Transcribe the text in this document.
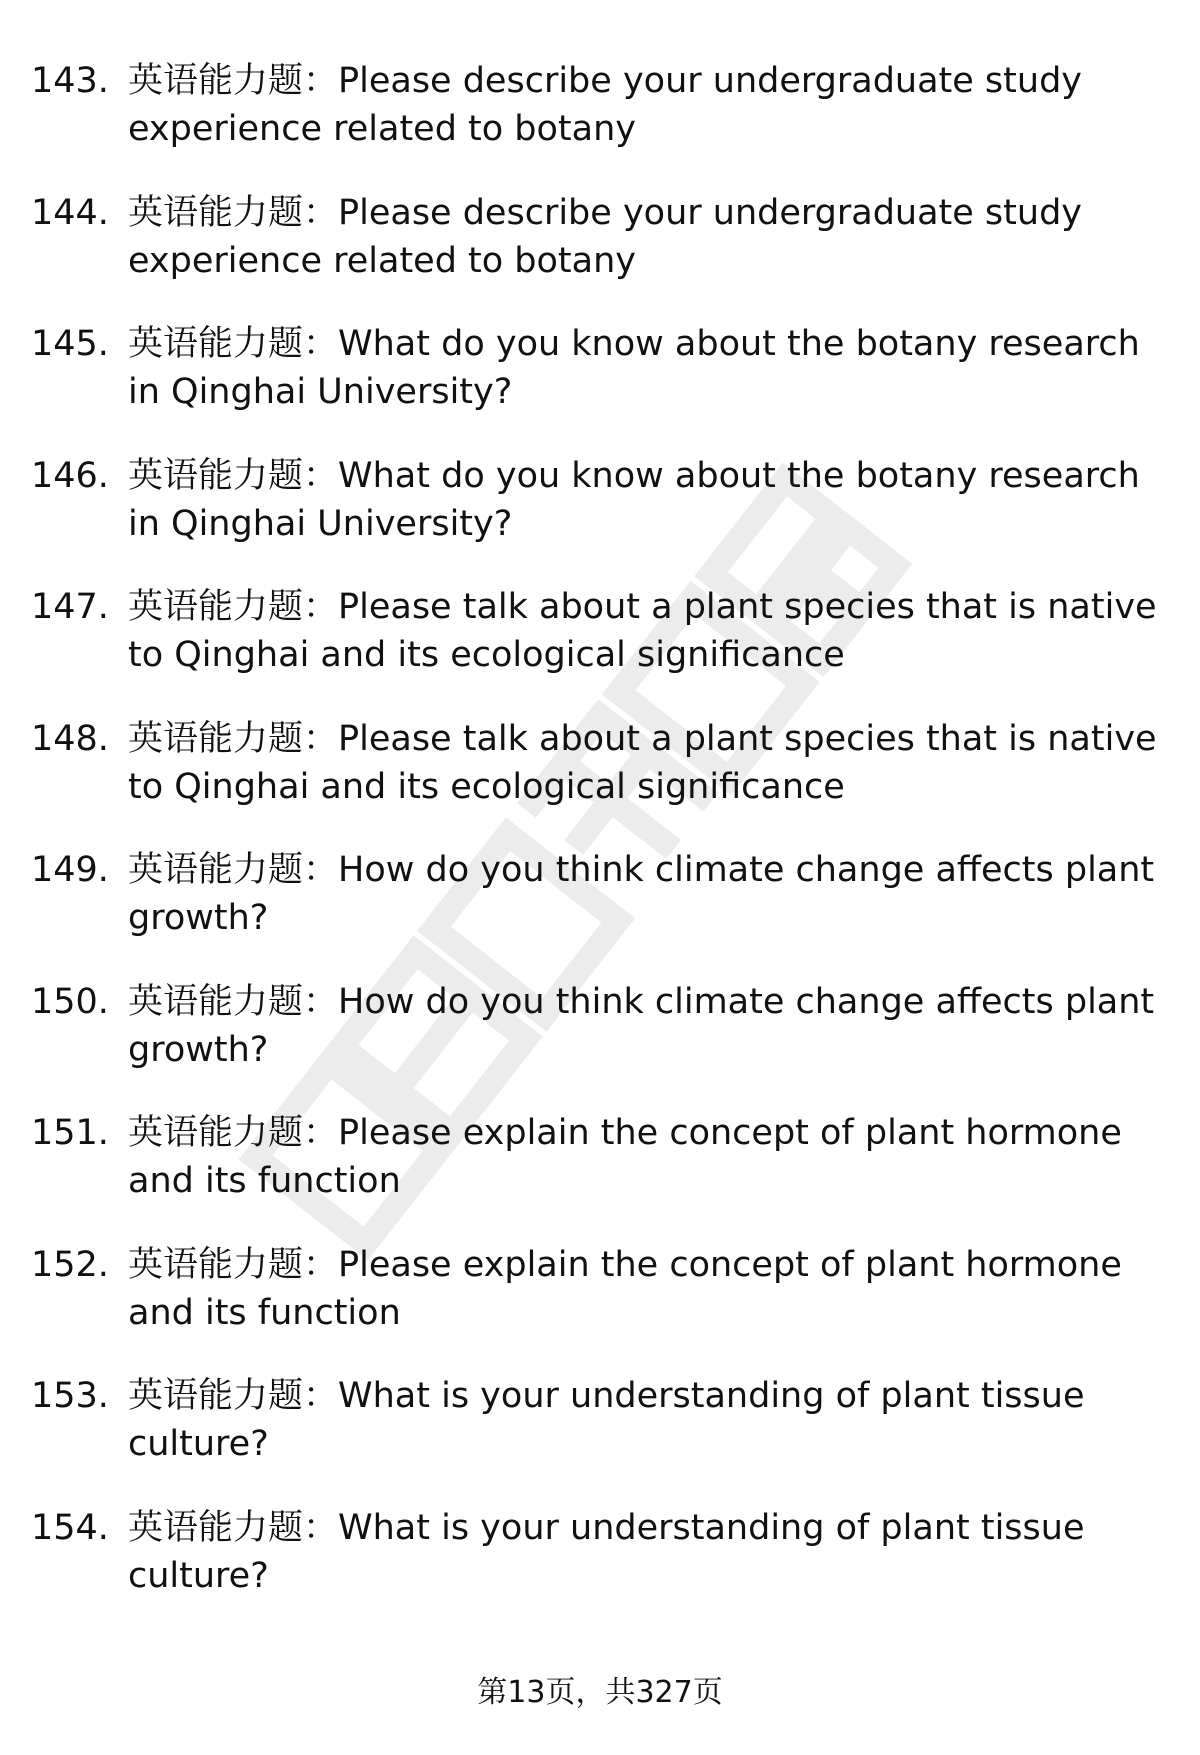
143. 英语能力题：Please describe your undergraduate study experience related to botany
144. 英语能力题：Please describe your undergraduate study experience related to botany
145. 英语能力题：What do you know about the botany research in Qinghai University?
146. 英语能力题：What do you know about the botany research in Qinghai University?
147. 英语能力题：Please talk about a plant species that is native to Qinghai and its ecological significance
148. 英语能力题：Please talk about a plant species that is native to Qinghai and its ecological significance
149. 英语能力题：How do you think climate change affects plant growth?
150. 英语能力题：How do you think climate change affects plant growth?
151. 英语能力题：Please explain the concept of plant hormone and its function
152. 英语能力题：Please explain the concept of plant hormone and its function
153. 英语能力题：What is your understanding of plant tissue culture?
154. 英语能力题：What is your understanding of plant tissue culture?
第13页，共327页
